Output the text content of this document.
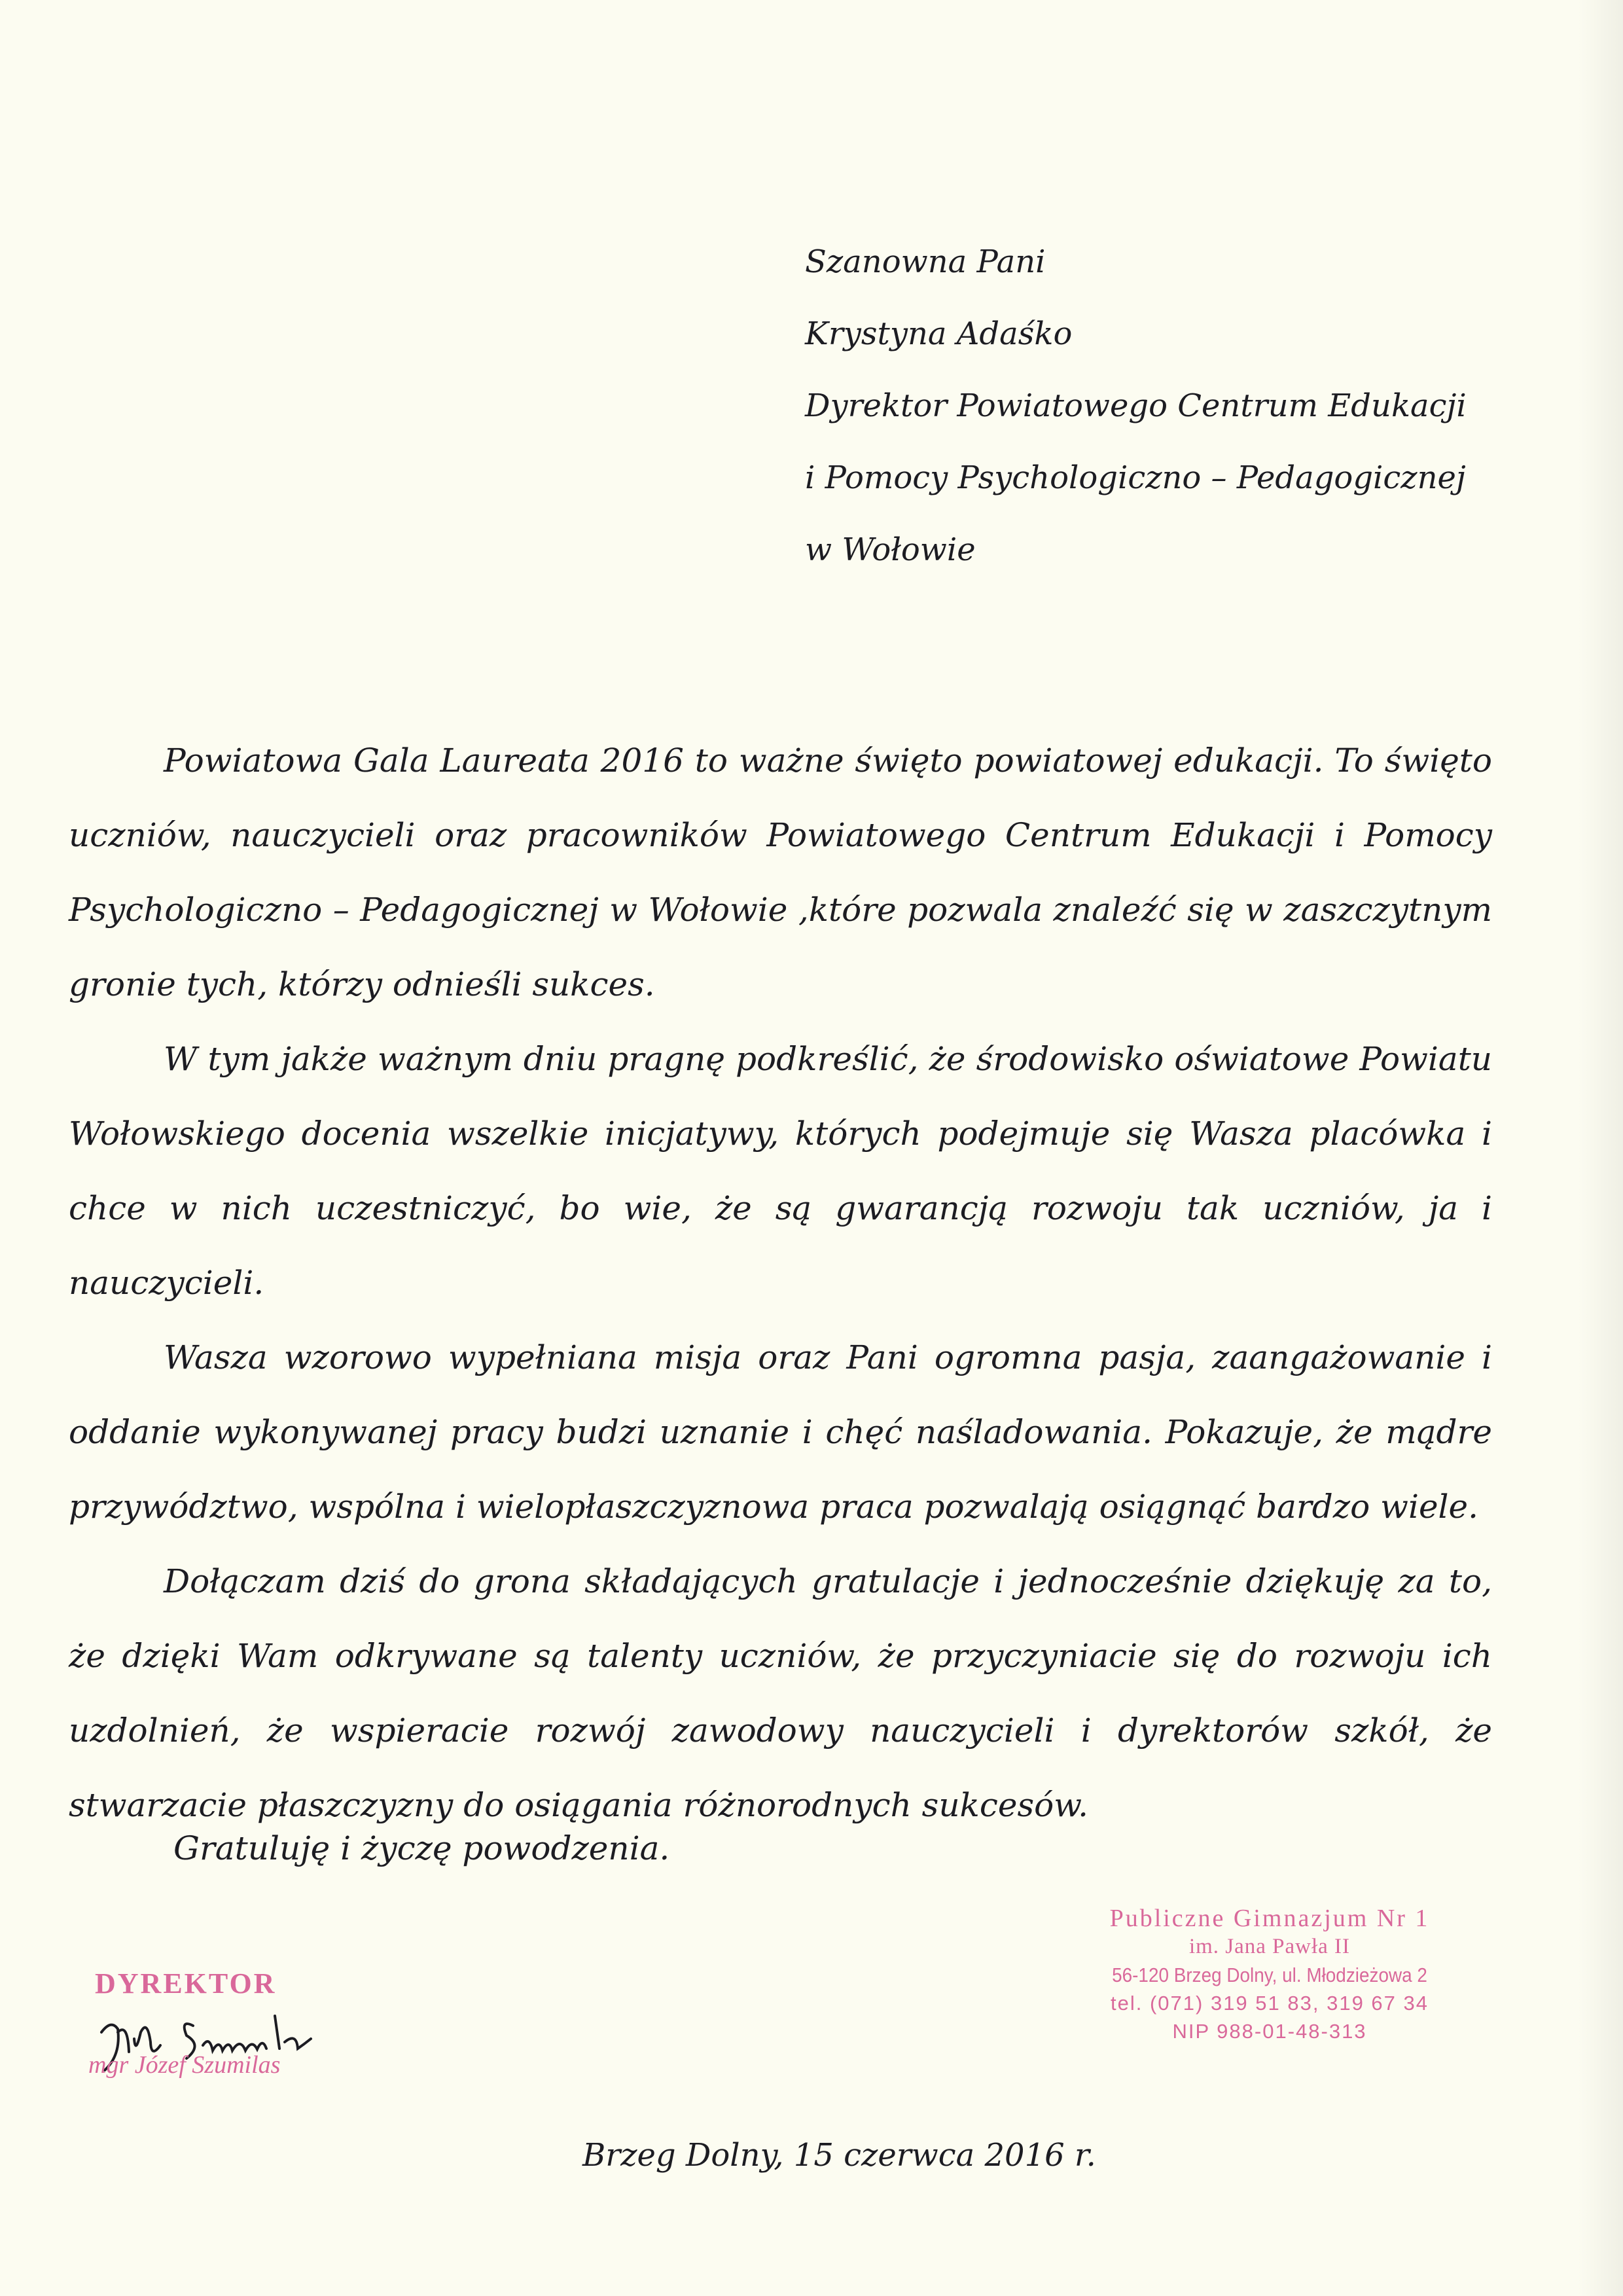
Szanowna Pani
Krystyna Adaśko
Dyrektor Powiatowego Centrum Edukacji
i Pomocy Psychologiczno – Pedagogicznej
w Wołowie

Powiatowa Gala Laureata 2016 to ważne święto powiatowej edukacji. To święto uczniów, nauczycieli oraz pracowników Powiatowego Centrum Edukacji i Pomocy Psychologiczno – Pedagogicznej w Wołowie ,które pozwala znaleźć się w zaszczytnym gronie tych, którzy odnieśli sukces.

W tym jakże ważnym dniu pragnę podkreślić, że środowisko oświatowe Powiatu Wołowskiego docenia wszelkie inicjatywy, których podejmuje się Wasza placówka i chce w nich uczestniczyć, bo wie, że są gwarancją rozwoju tak uczniów, ja i nauczycieli.

Wasza wzorowo wypełniana misja oraz Pani ogromna pasja, zaangażowanie i oddanie wykonywanej pracy budzi uznanie i chęć naśladowania. Pokazuje, że mądre przywództwo, wspólna i wielopłaszczyznowa praca pozwalają osiągnąć bardzo wiele.

Dołączam dziś do grona składających gratulacje i jednocześnie dziękuję za to, że dzięki Wam odkrywane są talenty uczniów, że przyczyniacie się do rozwoju ich uzdolnień, że wspieracie rozwój zawodowy nauczycieli i dyrektorów szkół, że stwarzacie płaszczyzny do osiągania różnorodnych sukcesów.

Gratuluję i życzę powodzenia.
DYREKTOR
mgr Józef Szumilas
Publiczne Gimnazjum Nr 1
im. Jana Pawła II
56-120 Brzeg Dolny, ul. Młodzieżowa 2
tel. (071) 319 51 83, 319 67 34
NIP 988-01-48-313
Brzeg Dolny, 15 czerwca 2016 r.
